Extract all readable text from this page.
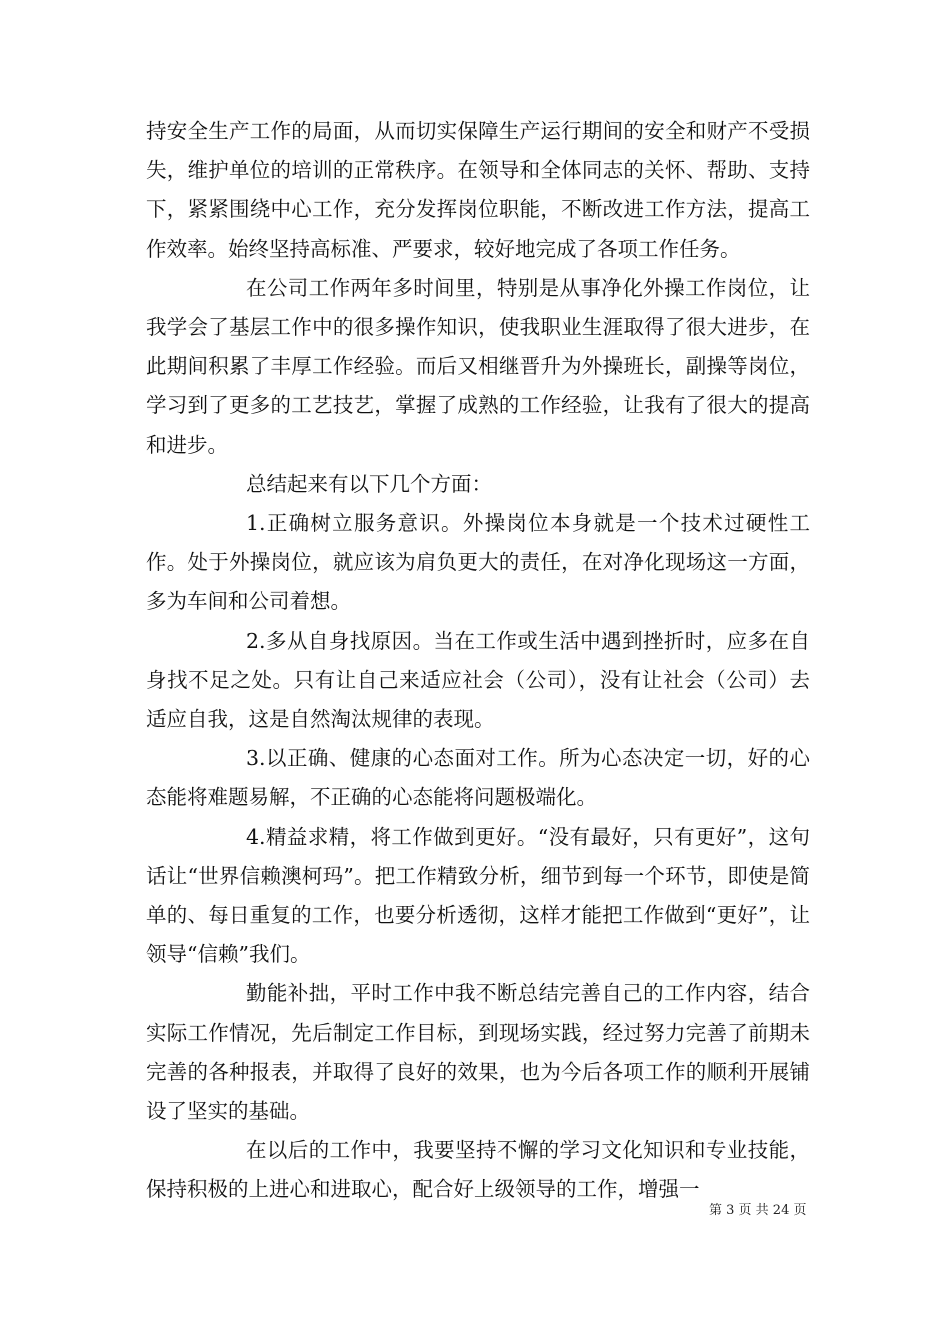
持安全生产工作的局面，从而切实保障生产运行期间的安全和财产不受损失，维护单位的培训的正常秩序。在领导和全体同志的关怀、帮助、支持下，紧紧围绕中心工作，充分发挥岗位职能，不断改进工作方法，提高工作效率。始终坚持高标准、严要求，较好地完成了各项工作任务。

在公司工作两年多时间里，特别是从事净化外操工作岗位，让我学会了基层工作中的很多操作知识，使我职业生涯取得了很大进步，在此期间积累了丰厚工作经验。而后又相继晋升为外操班长，副操等岗位，学习到了更多的工艺技艺，掌握了成熟的工作经验，让我有了很大的提高和进步。

总结起来有以下几个方面：

1.正确树立服务意识。外操岗位本身就是一个技术过硬性工作。处于外操岗位，就应该为肩负更大的责任，在对净化现场这一方面，多为车间和公司着想。

2.多从自身找原因。当在工作或生活中遇到挫折时，应多在自身找不足之处。只有让自己来适应社会（公司），没有让社会（公司）去适应自我，这是自然淘汰规律的表现。

3.以正确、健康的心态面对工作。所为心态决定一切，好的心态能将难题易解，不正确的心态能将问题极端化。

4.精益求精，将工作做到更好。“没有最好，只有更好”，这句话让“世界信赖澳柯玛”。把工作精致分析，细节到每一个环节，即使是简单的、每日重复的工作，也要分析透彻，这样才能把工作做到“更好”，让领导“信赖”我们。

勤能补拙，平时工作中我不断总结完善自己的工作内容，结合实际工作情况，先后制定工作目标，到现场实践，经过努力完善了前期未完善的各种报表，并取得了良好的效果，也为今后各项工作的顺利开展铺设了坚实的基础。

在以后的工作中，我要坚持不懈的学习文化知识和专业技能，保持积极的上进心和进取心，配合好上级领导的工作，增强一

第 3 页 共 24 页
